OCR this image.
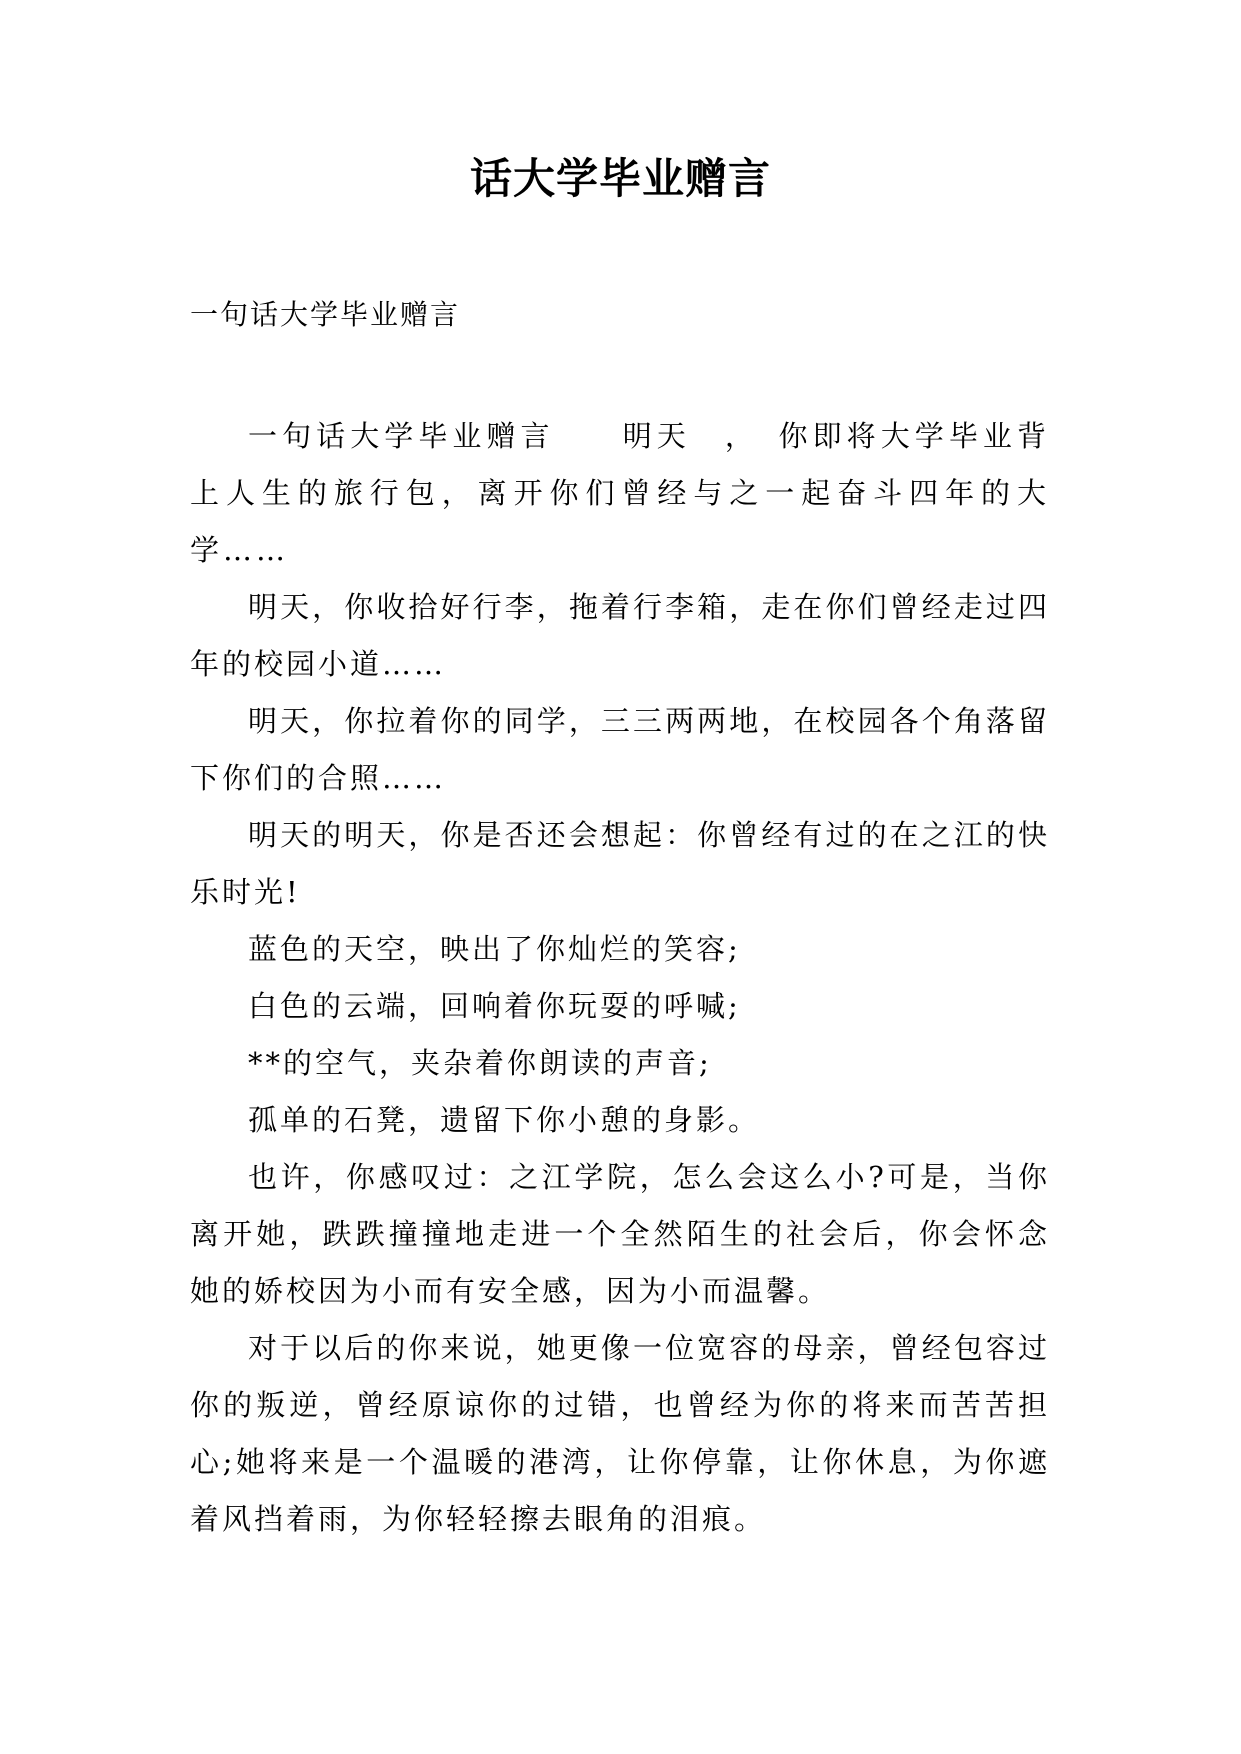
话大学毕业赠言
一句话大学毕业赠言

一句话大学毕业赠言　　明天　，　你即将大学毕业背上人生的旅行包，离开你们曾经与之一起奋斗四年的大学……

明天，你收拾好行李，拖着行李箱，走在你们曾经走过四年的校园小道……

明天，你拉着你的同学，三三两两地，在校园各个角落留下你们的合照……

明天的明天，你是否还会想起：你曾经有过的在之江的快乐时光!

蓝色的天空，映出了你灿烂的笑容;

白色的云端，回响着你玩耍的呼喊;

**的空气，夹杂着你朗读的声音;

孤单的石凳，遗留下你小憩的身影。

也许，你感叹过：之江学院，怎么会这么小?可是，当你离开她，跌跌撞撞地走进一个全然陌生的社会后，你会怀念她的娇校因为小而有安全感，因为小而温馨。

对于以后的你来说，她更像一位宽容的母亲，曾经包容过你的叛逆，曾经原谅你的过错，也曾经为你的将来而苦苦担心;她将来是一个温暖的港湾，让你停靠，让你休息，为你遮着风挡着雨，为你轻轻擦去眼角的泪痕。
